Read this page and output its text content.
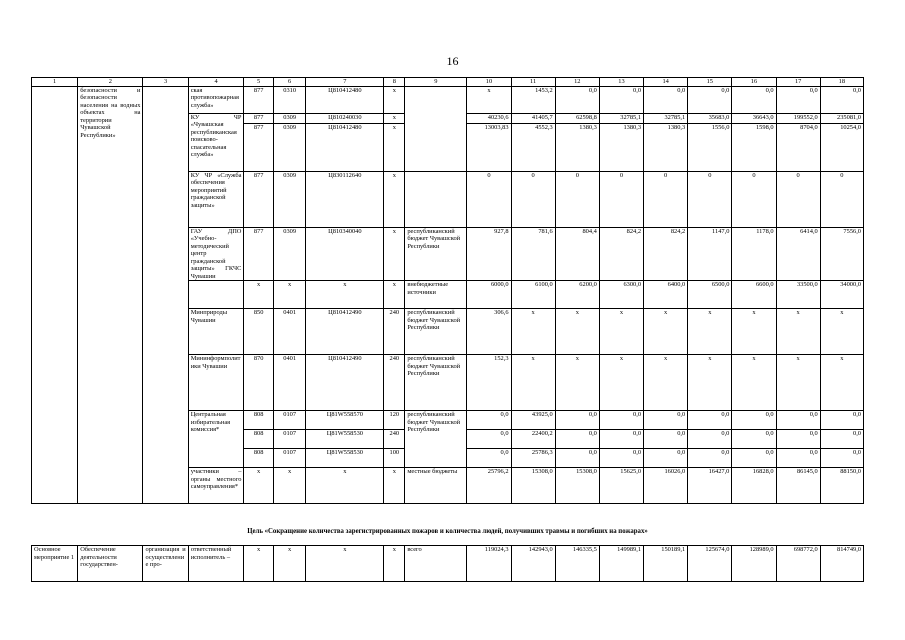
16
1	2	3	4	5	6	7	8	9	10	11	12	13	14	15	16	17	18
	безопасности и безопасности населения на водных объектах на территории Чувашской Республики»		ская противопожарная служба»	877	0310	Ц810412480	х		х	1453,2	0,0	0,0	0,0	0,0	0,0	0,0	0,0
			КУ ЧР «Чувашская республиканская поисково-спасательная служба»	877	0309	Ц810240030	х		40230,6	41405,7	62598,8	32785,1	32785,1	35683,0	36643,0	199552,0	235081,0
				877	0309	Ц810412480	х		13003,83	4552,3	1380,3	1380,3	1380,3	1556,0	1598,0	8704,0	10254,0
			КУ ЧР «Служба обеспечения мероприятий гражданской защиты»	877	0309	Ц830112640	х		0	0	0	0	0	0	0	0	0
			ГАУ ДПО «Учебно-методический центр гражданской защиты» ГКЧС Чувашии	877	0309	Ц810340040	х	республиканский бюджет Чувашской Республики	927,8	781,6	804,4	824,2	824,2	1147,0	1178,0	6414,0	7556,0
				х	х	х	х	внебюджетные источники	6000,0	6100,0	6200,0	6300,0	6400,0	6500,0	6600,0	33500,0	34000,0
			Минприроды Чувашии	850	0401	Ц810412490	240	республиканский бюджет Чувашской Республики	306,6	х	х	х	х	х	х	х	х
			Мининформполитики Чувашии	870	0401	Ц810412490	240	республиканский бюджет Чувашской Республики	152,3	х	х	х	х	х	х	х	х
			Центральная избирательная комиссия*	808	0107	Ц81W558570	120	республиканский бюджет Чувашской Республики	0,0	43925,0	0,0	0,0	0,0	0,0	0,0	0,0	0,0
				808	0107	Ц81W558530	240		0,0	22400,2	0,0	0,0	0,0	0,0	0,0	0,0	0,0
				808	0107	Ц81W558530	100		0,0	25786,3	0,0	0,0	0,0	0,0	0,0	0,0	0,0
			участники – органы местного самоуправления*	х	х	х	х	местные бюджеты	25796,2	15308,0	15308,0	15625,0	16026,0	16427,0	16828,0	86145,0	88150,0
Цель «Сокращение количества зарегистрированных пожаров и количества людей, получивших травмы и погибших на пожарах»
Основное мероприятие 1	Обеспечение деятельности государствен-	организация и осуществление про-	ответственный исполнитель –	х	х	х	х	всего	119024,3	142943,0	146335,5	149989,1	150189,1	125674,0	128989,0	698772,0	814749,0
